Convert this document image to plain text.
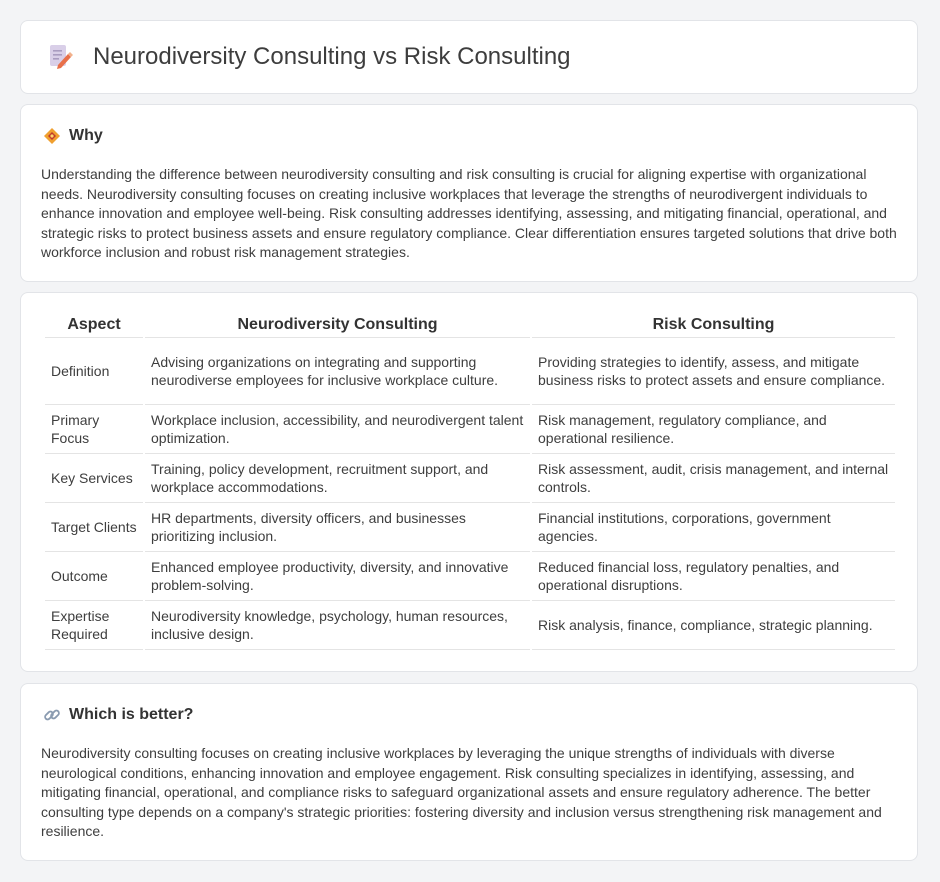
Neurodiversity Consulting vs Risk Consulting
Why

Understanding the difference between neurodiversity consulting and risk consulting is crucial for aligning expertise with organizational needs. Neurodiversity consulting focuses on creating inclusive workplaces that leverage the strengths of neurodivergent individuals to enhance innovation and employee well-being. Risk consulting addresses identifying, assessing, and mitigating financial, operational, and strategic risks to protect business assets and ensure regulatory compliance. Clear differentiation ensures targeted solutions that drive both workforce inclusion and robust risk management strategies.

Aspect	Neurodiversity Consulting	Risk Consulting
Definition	Advising organizations on integrating and supporting neurodiverse employees for inclusive workplace culture.	Providing strategies to identify, assess, and mitigate business risks to protect assets and ensure compliance.
Primary Focus	Workplace inclusion, accessibility, and neurodivergent talent optimization.	Risk management, regulatory compliance, and operational resilience.
Key Services	Training, policy development, recruitment support, and workplace accommodations.	Risk assessment, audit, crisis management, and internal controls.
Target Clients	HR departments, diversity officers, and businesses prioritizing inclusion.	Financial institutions, corporations, government agencies.
Outcome	Enhanced employee productivity, diversity, and innovative problem-solving.	Reduced financial loss, regulatory penalties, and operational disruptions.
Expertise Required	Neurodiversity knowledge, psychology, human resources, inclusive design.	Risk analysis, finance, compliance, strategic planning.
Which is better?

Neurodiversity consulting focuses on creating inclusive workplaces by leveraging the unique strengths of individuals with diverse neurological conditions, enhancing innovation and employee engagement. Risk consulting specializes in identifying, assessing, and mitigating financial, operational, and compliance risks to safeguard organizational assets and ensure regulatory adherence. The better consulting type depends on a company's strategic priorities: fostering diversity and inclusion versus strengthening risk management and resilience.
